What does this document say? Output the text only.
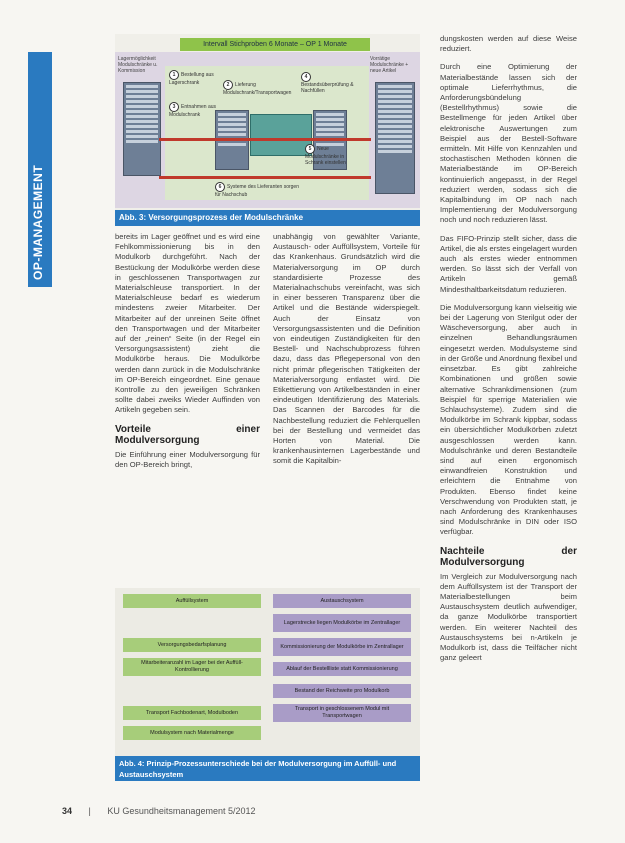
OP-MANAGEMENT
Intervall Stichproben 6 Monate – OP 1 Monate
Lagermöglichkeit Modulschränke u. Kommission
Vorrätige Modulschränke + neue Artikel
1 Bestellung aus Lagerschrank	2 Lieferung Modulschrank/Transportwagen
3 Entnahmen aus Modulschrank
4Bestandsüberprüfung & Nachfüllen
5 Neue Modulschränke in Schrank einstellen
6 Systeme des Lieferanten sorgen für Nachschub
Abb. 3: Versorgungsprozess der Modulschränke

dungskosten werden auf diese Weise reduziert.

Durch eine Optimierung der Materialbestände lassen sich der optimale Lieferrhythmus, die Anforderungsbündelung (Bestellrhythmus) sowie die Bestellmenge für jeden Artikel über elektronische Auswertungen zum Beispiel aus der Bestell-Software ermitteln. Mit Hilfe von Kennzahlen und stochastischen Methoden können die Materialbestände im OP-Bereich kontinuierlich angepasst, in der Regel reduziert werden, sodass sich die Kapitalbindung im OP nach nach Implementierung der Modulversorgung noch und noch reduzieren lässt.

Das FIFO-Prinzip stellt sicher, dass die Artikel, die als erstes eingelagert wurden auch als erstes wieder entnommen werden. So lässt sich der Verfall von Artikeln gemäß Mindesthaltbarkeitsdatum reduzieren.

Die Modulversorgung kann vielseitig wie bei der Lagerung von Sterilgut oder der Wäscheversorgung, aber auch in einzelnen Behandlungsräumen eingesetzt werden. Modulsysteme sind in der Größe und Anordnung flexibel und einsetzbar. Es gibt zahlreiche Kombinationen und größen sowie alternative Schrankdimensionen (zum Beispiel für sperrige Materialien wie Schlauchsysteme). Zudem sind die Modulkörbe im Schrank kippbar, sodass ein übersichtlicher Modulkörben zuletzt ausgeschlossen werden kann. Modulschränke und deren Bestandteile sind auf einen ergonomisch einwandfreien Konstruktion und erleichtern die Entnahme von Produkten. Ebenso findet keine Verschwendung von Produkten statt, je nach Anforderung des Krankenhauses sind Modulschränke in DIN oder ISO verfügbar.

Nachteile der Modulversorgung

Im Vergleich zur Modulversorgung nach dem Auffüllsystem ist der Transport der Materialbestellungen beim Austauschsystem deutlich aufwendiger, da ganze Modulkörbe transportiert werden. Ein weiterer Nachteil des Austauschsystems bei n-Artikeln je Modulkorb ist, dass die Teilfächer nicht ganz geleert

bereits im Lager geöffnet und es wird eine Fehlkommissionierung bis in den Modulkorb durchgeführt. Nach der Bestückung der Modulkörbe werden diese in geschlossenen Transportwagen zur Materialschleuse transportiert. In der Materialschleuse bedarf es wiederum mindestens zweier Mitarbeiter. Der Mitarbeiter auf der unreinen Seite öffnet den Transportwagen und der Mitarbeiter auf der „reinen“ Seite (in der Regel ein Versorgungsassistent) zieht die Modulkörbe heraus. Die Modulkörbe werden dann zurück in die Modulschränke im OP-Bereich eingeordnet. Eine genaue Kontrolle zu den jeweiligen Schränken sollte dabei zweiks Wieder Auffinden von Artikeln gegeben sein.

Vorteile einer Modulversorgung

Die Einführung einer Modulversorgung für den OP-Bereich bringt,

unabhängig von gewählter Variante, Austausch- oder Auffüllsystem, Vorteile für das Krankenhaus. Grundsätzlich wird die Materialversorgung im OP durch standardisierte Prozesse des Materialnachschubs vereinfacht, was sich in einer besseren Transparenz über die Artikel und die Bestände widerspiegelt. Auch der Einsatz von Versorgungsassistenten und die Definition von eindeutigen Zuständigkeiten für den Bestell- und Nachschubprozess führen dazu, dass das Pflegepersonal von den nicht primär pflegerischen Tätigkeiten der Materialversorgung entlastet wird. Die Etikettierung von Artikelbeständen in einer eindeutigen Identifizierung des Materials. Das Scannen der Barcodes für die Nachbestellung reduziert die Fehlerquellen bei der Bestellung und vermeidet das Horten von Material. Die krankenhausinternen Lagerbestände und somit die Kapitalbin-

Auffüllsystem
Versorgungsbedarfsplanung
Mitarbeiteranzahl im Lager bei der Auffüll-Kontrollierung
Transport Fachbodenart, Modulboden
Modulsystem nach Materialmenge
Austauschsystem
Lagerstrecke liegen Modulkörbe im Zentrallager
Kommissionierung der Modulkörbe im Zentrallager
Ablauf der Bestellliste statt Kommissionierung
Bestand der Reichweite pro Modulkorb
Transport in geschlossenem Modul mit Transportwagen
Abb. 4: Prinzip-Prozessunterschiede bei der Modulversorgung im Auffüll- und Austauschsystem
34 | KU Gesundheitsmanagement 5/2012
